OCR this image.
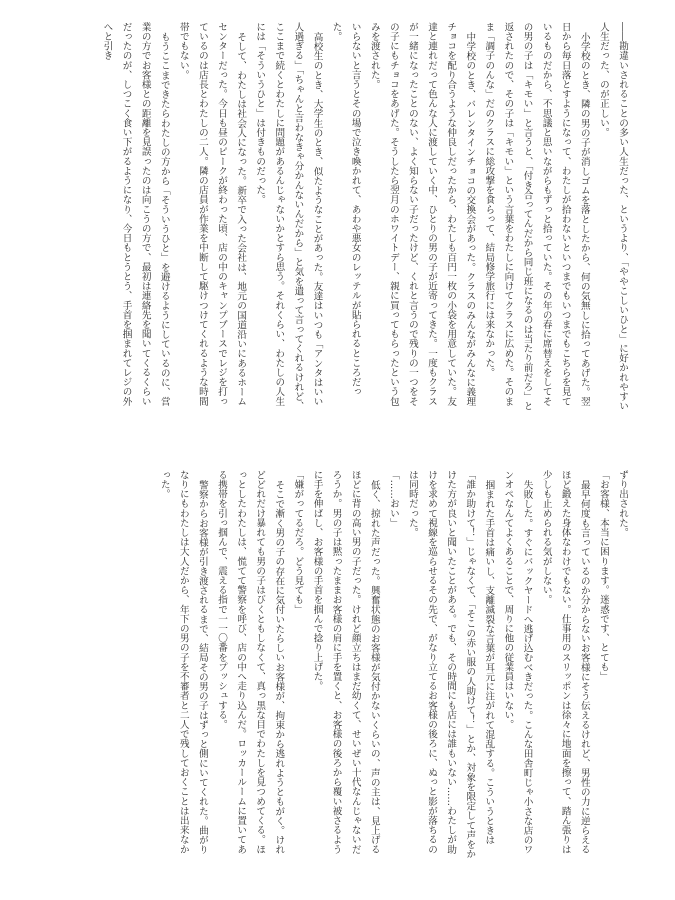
――勘違いされることの多い人生だった、というより、「ややこしいひと」に好かれやすい人生だった、のが正しい。

小学校のとき、隣の男の子が消しゴムを落としたから、何の気無しに拾ってあげた。翌日から毎日落とすようになって、わたしが拾わないといつまでもいつまでもこちらを見ているものだから、不思議と思いながらもずっと拾っていた。その年の春に席替えをしてその男の子は「キモい」と言うと、「付き合ってんだから同じ班になるのは当たり前だろ」と返されたので、その子は「キモい」という言葉をわたしに向けてクラスに広めた。そのまま「調子のんな」だのクラスに総攻撃を食らって、結局修学旅行には来なかった。

中学校のとき、バレンタインチョコの交換会があった。クラスのみんながみんなに義理チョコを配り合うような仲良しだったから、わたしも百円一枚の小袋を用意していた。友達と連れだって色んな人に渡していく中、ひとりの男の子が近寄ってきた。一度もクラスが一緒になったことのない、よく知らない子だったけど、くれと言うので残りの一つをその子にもチョコをあげた。そうしたら翌月のホワイトデー、親に買ってもらったという包みを渡された。

いらないと言うとその場で泣き喚かれて、あわや悪女のレッテルが貼られるところだった。

高校生のとき、大学生のとき、似たようなことがあった。友達はいつも「アンタはいい人過ぎる」「ちゃんと言わなきゃ分かんないんだから」と気を遣って言ってくれるけれど、ここまで続くとわたしに問題があるんじゃないかとすら思う。それくらい、わたしの人生には「そういうひと」は付きものだった。

そして、わたしは社会人になった。新卒で入った会社は、地元の国道沿いにあるホームセンターだった。今日も昼のピークが終わった頃、店の中のキャンプブースでレジを打っているのは店長とわたしの二人。隣の店員が作業を中断して駆けつけてくれるような時間帯でもない。

もうここまできたらわたしの方から「そういうひと」を避けるようにしているのに、営業の方でお客様との距離を見誤ったのは向こうの方で、最初は連絡先を聞いてくるくらいだったのが、しつこく食い下がるようになり、今日もとうとう、手首を掴まれてレジの外へと引き

ずり出された。

「お客様、本当に困ります。迷惑です、とても」

最早何度も言っているのか分からないお客様にそう伝えるけれど、男性の力に逆らえるほど鍛えた身体なわけでもない。仕事用のスリッポンは徐々に地面を擦って、踏ん張りは少しも止められる気がしない。

失敗した。すぐにバックヤードへ逃げ込むべきだった。こんな田舎町じゃ小さな店のワンオペなんてよくあることで、周りに他の従業員はいない。

掴まれた手首は痛いし、支離滅裂な言葉が耳元に注がれて混乱する。こういうときは「誰か助けて！」じゃなくて、「そこの赤い服の人助けて！」とか、対象を限定して声をかけた方が良いと聞いたことがある。でも、その時間にも店には誰もいない……わたしが助けを求めて視線を巡らせるその先で、がなり立てるお客様の後ろに、ぬっと影が落ちるのは同時だった。

「……おい」

低く、掠れた声だった。興奮状態のお客様が気付かないくらいの、声の主は、見上げるほどに背の高い男の子だった。けれど顔立ちはまだ幼くて、せいぜい十代なんじゃないだろうか。男の子は黙ったままお客様の肩に手を置くと、お客様の後ろから覆い被さるように手を伸ばし、お客様の手首を掴んで捻り上げた。

「嫌がってるだろ。どう見ても」

そこで漸く男の子の存在に気付いたらしいお客様が、拘束から逃れようともがく。けれどどれだけ暴れても男の子はびくともしなくて、真っ黒な目でわたしを見つめてくる。ほっとしたわたしは、慌てて警察を呼び、店の中へ走り込んだ。ロッカールームに置いてある携帯を引っ掴んで、震える指で一一〇番をプッシュする。

警察からお客様が引き渡されるまで、結局その男の子はずっと側にいてくれた。曲がりなりにもわたしは大人だから、年下の男の子を不審者と二人で残しておくことは出来なかった。
